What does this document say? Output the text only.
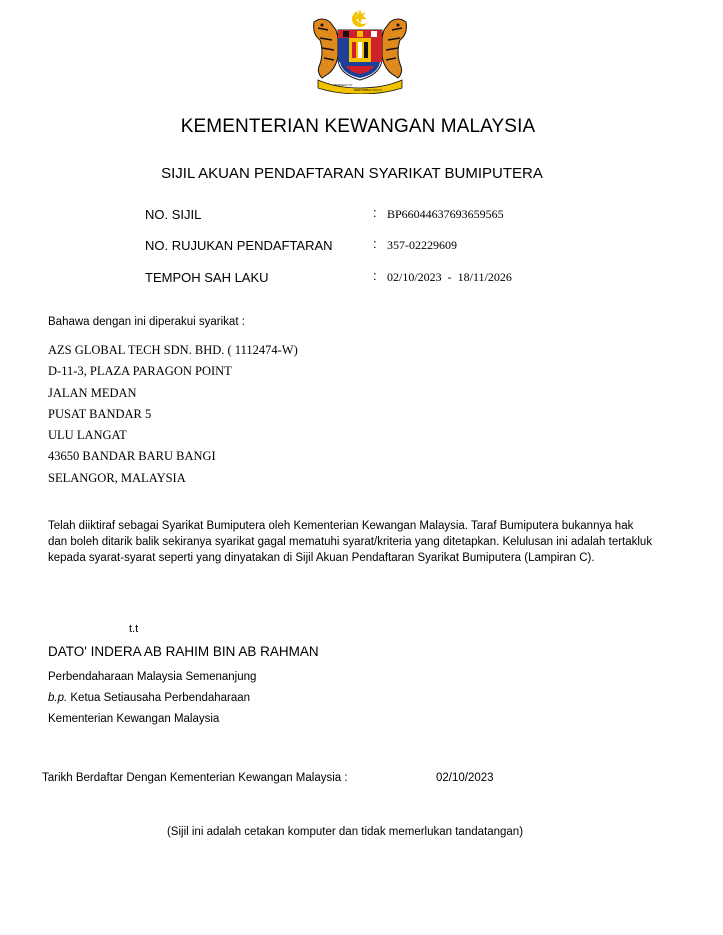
BERSEKUTU
BERTAMBAH MUTU
KEMENTERIAN KEWANGAN MALAYSIA
SIJIL AKUAN PENDAFTARAN SYARIKAT BUMIPUTERA
NO. SIJIL	: BP66044637693659565
NO. RUJUKAN PENDAFTARAN	: 357-02229609
TEMPOH SAH LAKU	: 02/10/2023  -  18/11/2026
Bahawa dengan ini diperakui syarikat :
AZS GLOBAL TECH SDN. BHD. ( 1112474-W)
D-11-3, PLAZA PARAGON POINT
JALAN MEDAN
PUSAT BANDAR 5
ULU LANGAT
43650 BANDAR BARU BANGI
SELANGOR, MALAYSIA
Telah diiktiraf sebagai Syarikat Bumiputera oleh Kementerian Kewangan Malaysia. Taraf Bumiputera bukannya hak
dan boleh ditarik balik sekiranya syarikat gagal mematuhi syarat/kriteria yang ditetapkan. Kelulusan ini adalah tertakluk
kepada syarat-syarat seperti yang dinyatakan di Sijil Akuan Pendaftaran Syarikat Bumiputera (Lampiran C).
t.t
DATO' INDERA AB RAHIM BIN AB RAHMAN
Perbendaharaan Malaysia Semenanjung
b.p. Ketua Setiausaha Perbendaharaan
Kementerian Kewangan Malaysia
Tarikh Berdaftar Dengan Kementerian Kewangan Malaysia :	02/10/2023
(Sijil ini adalah cetakan komputer dan tidak memerlukan tandatangan)
